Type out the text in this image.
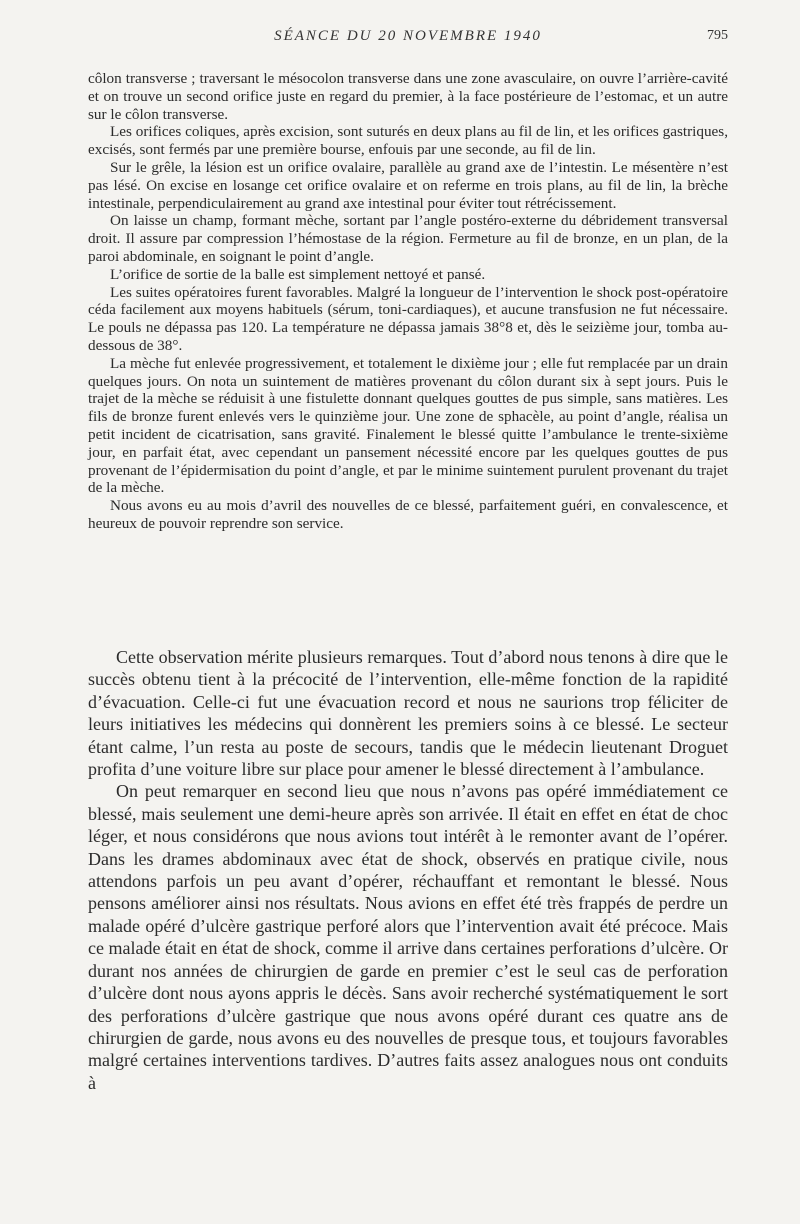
SÉANCE DU 20 NOVEMBRE 1940	795

côlon transverse ; traversant le mésocolon transverse dans une zone avasculaire, on ouvre l’arrière-cavité et on trouve un second orifice juste en regard du premier, à la face postérieure de l’estomac, et un autre sur le côlon transverse.

Les orifices coliques, après excision, sont suturés en deux plans au fil de lin, et les orifices gastriques, excisés, sont fermés par une première bourse, enfouis par une seconde, au fil de lin.

Sur le grêle, la lésion est un orifice ovalaire, parallèle au grand axe de l’intestin. Le mésentère n’est pas lésé. On excise en losange cet orifice ovalaire et on referme en trois plans, au fil de lin, la brèche intestinale, perpendiculairement au grand axe intestinal pour éviter tout rétrécissement.

On laisse un champ, formant mèche, sortant par l’angle postéro-externe du débridement transversal droit. Il assure par compression l’hémostase de la région. Fermeture au fil de bronze, en un plan, de la paroi abdominale, en soignant le point d’angle.

L’orifice de sortie de la balle est simplement nettoyé et pansé.

Les suites opératoires furent favorables. Malgré la longueur de l’intervention le shock post-opératoire céda facilement aux moyens habituels (sérum, toni-cardiaques), et aucune transfusion ne fut nécessaire. Le pouls ne dépassa pas 120. La température ne dépassa jamais 38°8 et, dès le seizième jour, tomba au-dessous de 38°.

La mèche fut enlevée progressivement, et totalement le dixième jour ; elle fut remplacée par un drain quelques jours. On nota un suintement de matières provenant du côlon durant six à sept jours. Puis le trajet de la mèche se réduisit à une fistulette donnant quelques gouttes de pus simple, sans matières. Les fils de bronze furent enlevés vers le quinzième jour. Une zone de sphacèle, au point d’angle, réalisa un petit incident de cicatrisation, sans gravité. Finalement le blessé quitte l’ambulance le trente-sixième jour, en parfait état, avec cependant un pansement nécessité encore par les quelques gouttes de pus provenant de l’épidermisation du point d’angle, et par le minime suintement purulent provenant du trajet de la mèche.

Nous avons eu au mois d’avril des nouvelles de ce blessé, parfaitement guéri, en convalescence, et heureux de pouvoir reprendre son service.

Cette observation mérite plusieurs remarques. Tout d’abord nous tenons à dire que le succès obtenu tient à la précocité de l’intervention, elle-même fonction de la rapidité d’évacuation. Celle-ci fut une évacuation record et nous ne saurions trop féliciter de leurs initiatives les médecins qui donnèrent les premiers soins à ce blessé. Le secteur étant calme, l’un resta au poste de secours, tandis que le médecin lieutenant Droguet profita d’une voiture libre sur place pour amener le blessé directement à l’ambulance.

On peut remarquer en second lieu que nous n’avons pas opéré immédiatement ce blessé, mais seulement une demi-heure après son arrivée. Il était en effet en état de choc léger, et nous considérons que nous avions tout intérêt à le remonter avant de l’opérer. Dans les drames abdominaux avec état de shock, observés en pratique civile, nous attendons parfois un peu avant d’opérer, réchauffant et remontant le blessé. Nous pensons améliorer ainsi nos résultats. Nous avions en effet été très frappés de perdre un malade opéré d’ulcère gastrique perforé alors que l’intervention avait été précoce. Mais ce malade était en état de shock, comme il arrive dans certaines perforations d’ulcère. Or durant nos années de chirurgien de garde en premier c’est le seul cas de perforation d’ulcère dont nous ayons appris le décès. Sans avoir recherché systématiquement le sort des perforations d’ulcère gastrique que nous avons opéré durant ces quatre ans de chirurgien de garde, nous avons eu des nouvelles de presque tous, et toujours favorables malgré certaines interventions tardives. D’autres faits assez analogues nous ont conduits à
